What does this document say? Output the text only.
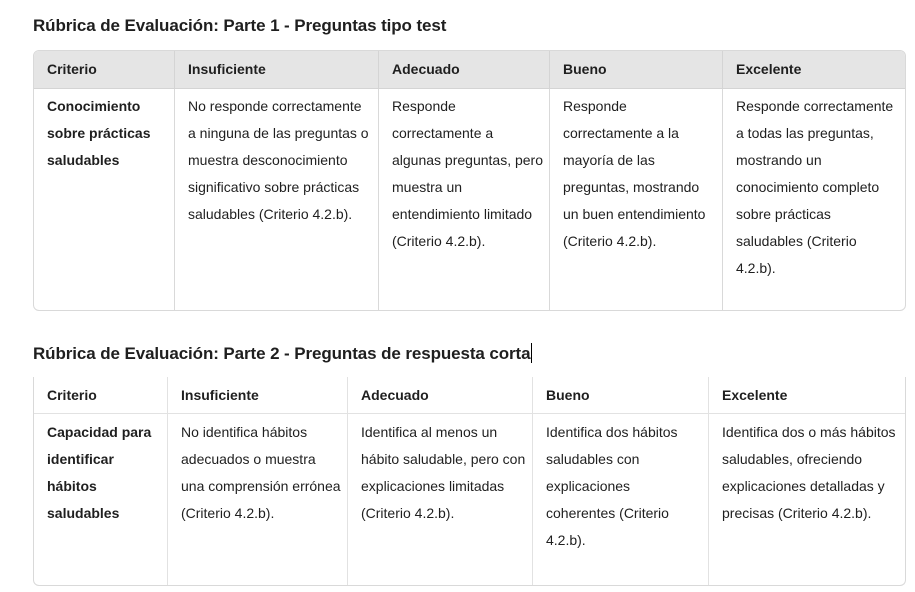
Rúbrica de Evaluación: Parte 1 - Preguntas tipo test
Criterio	Insuficiente	Adecuado	Bueno	Excelente
Conocimiento sobre prácticas saludables	No responde correctamente a ninguna de las preguntas o muestra desconocimiento significativo sobre prácticas saludables (Criterio 4.2.b).	Responde correctamente a algunas preguntas, pero muestra un entendimiento limitado (Criterio 4.2.b).	Responde correctamente a la mayoría de las preguntas, mostrando un buen entendimiento (Criterio 4.2.b).	Responde correctamente a todas las preguntas, mostrando un conocimiento completo sobre prácticas saludables (Criterio 4.2.b).
Rúbrica de Evaluación: Parte 2 - Preguntas de respuesta corta
Criterio	Insuficiente	Adecuado	Bueno	Excelente
Capacidad para identificar hábitos saludables	No identifica hábitos adecuados o muestra una comprensión errónea (Criterio 4.2.b).	Identifica al menos un hábito saludable, pero con explicaciones limitadas (Criterio 4.2.b).	Identifica dos hábitos saludables con explicaciones coherentes (Criterio 4.2.b).	Identifica dos o más hábitos saludables, ofreciendo explicaciones detalladas y precisas (Criterio 4.2.b).
